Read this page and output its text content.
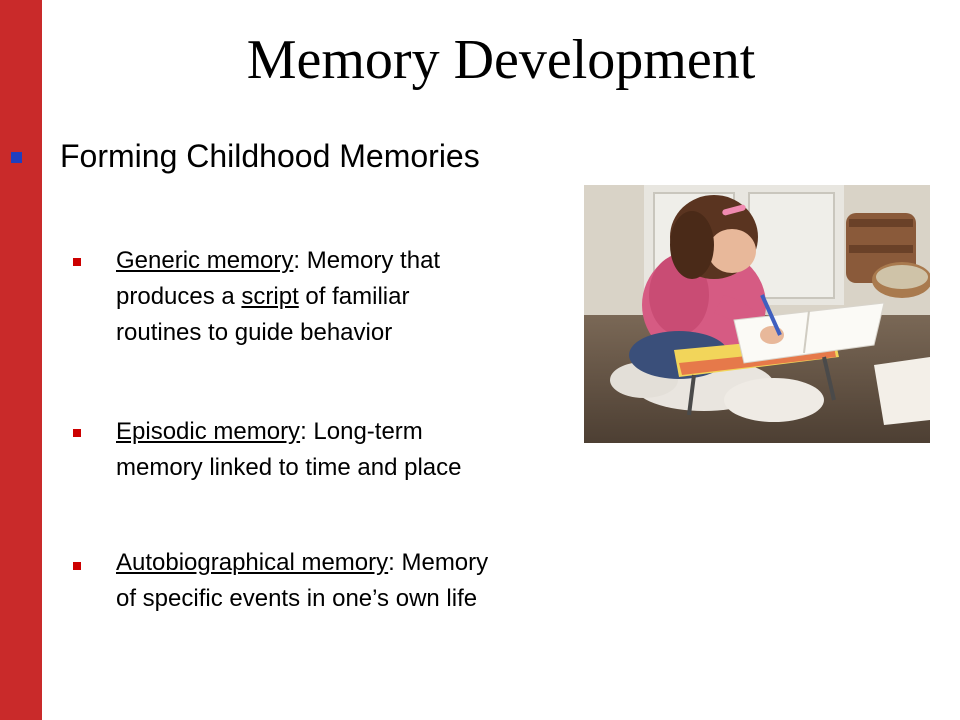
Memory Development
Forming Childhood Memories
Generic memory: Memory that
produces a script of familiar
routines to guide behavior
Episodic memory: Long-term
memory linked to time and place
Autobiographical memory: Memory
of specific events in one’s own life
